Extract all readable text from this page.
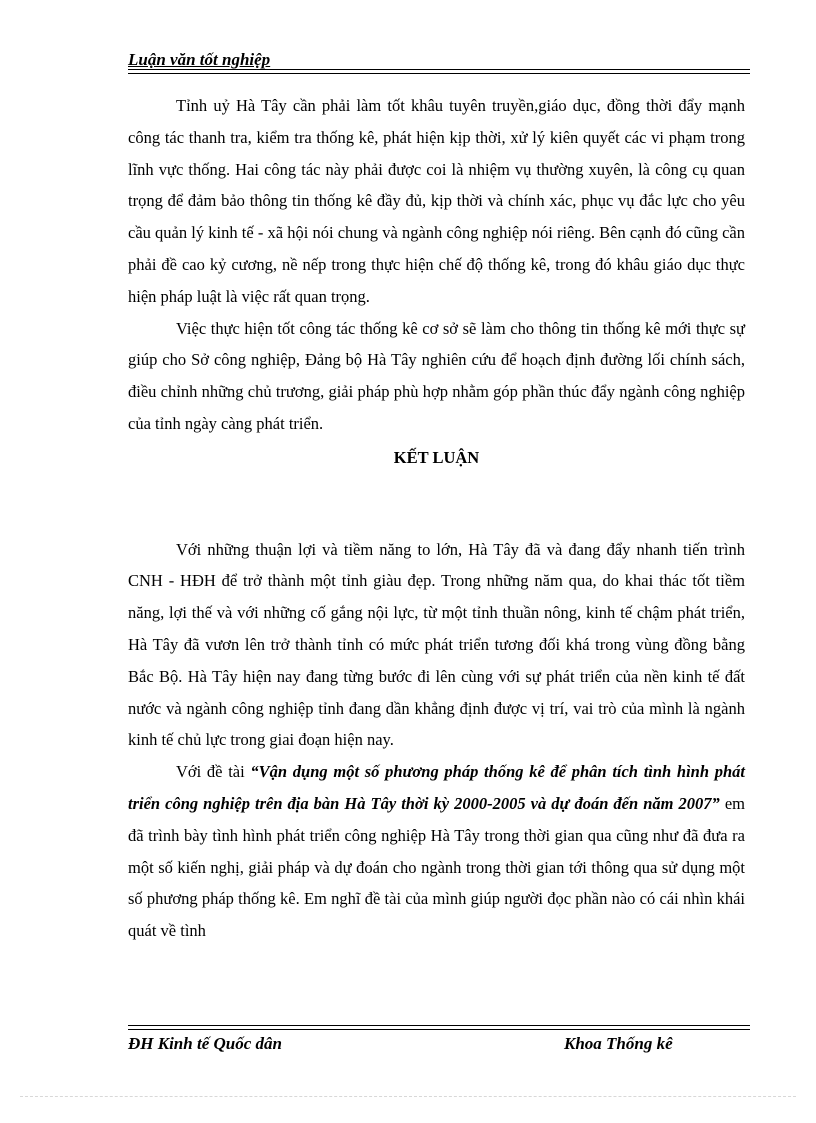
Luận văn tốt nghiệp

Tỉnh uỷ Hà Tây cần phải làm tốt khâu tuyên truyền,giáo dục, đồng thời đẩy mạnh công tác thanh tra, kiểm tra thống kê, phát hiện kịp thời, xử lý kiên quyết các vi phạm trong lĩnh vực thống. Hai công tác này phải được coi là nhiệm vụ thường xuyên, là công cụ quan trọng để đảm bảo thông tin thống kê đầy đủ, kịp thời và chính xác, phục vụ đắc lực cho yêu cầu quản lý kinh tế - xã hội nói chung và ngành công nghiệp nói riêng. Bên cạnh đó cũng cần phải đề cao kỷ cương, nề nếp trong thực hiện chế độ thống kê, trong đó khâu giáo dục thực hiện pháp luật là việc rất quan trọng.

Việc thực hiện tốt công tác thống kê cơ sở sẽ làm cho thông tin thống kê mới thực sự giúp cho Sở công nghiệp, Đảng bộ Hà Tây nghiên cứu để hoạch định đường lối chính sách, điều chỉnh những chủ trương, giải pháp phù hợp nhằm góp phần thúc đẩy ngành công nghiệp của tỉnh ngày càng phát triển.

KẾT LUẬN

Với những thuận lợi và tiềm năng to lớn, Hà Tây đã và đang đẩy nhanh tiến trình CNH - HĐH để trở thành một tỉnh giàu đẹp. Trong những năm qua, do khai thác tốt tiềm năng, lợi thế và với những cố gắng nội lực, từ một tỉnh thuần nông, kinh tế chậm phát triển, Hà Tây đã vươn lên trở thành tỉnh có mức phát triển tương đối khá trong vùng đồng bằng Bắc Bộ. Hà Tây hiện nay đang từng bước đi lên cùng với sự phát triển của nền kinh tế đất nước và ngành công nghiệp tỉnh đang dần khẳng định được vị trí, vai trò của mình là ngành kinh tế chủ lực trong giai đoạn hiện nay.

Với đề tài “Vận dụng một số phương pháp thống kê để phân tích tình hình phát triển công nghiệp trên địa bàn Hà Tây thời kỳ 2000-2005 và dự đoán đến năm 2007” em đã trình bày tình hình phát triển công nghiệp Hà Tây trong thời gian qua cũng như đã đưa ra một số kiến nghị, giải pháp và dự đoán cho ngành trong thời gian tới thông qua sử dụng một số phương pháp thống kê. Em nghĩ đề tài của mình giúp người đọc phần nào có cái nhìn khái quát về tình

ĐH Kinh tế Quốc dân	Khoa Thống kê
